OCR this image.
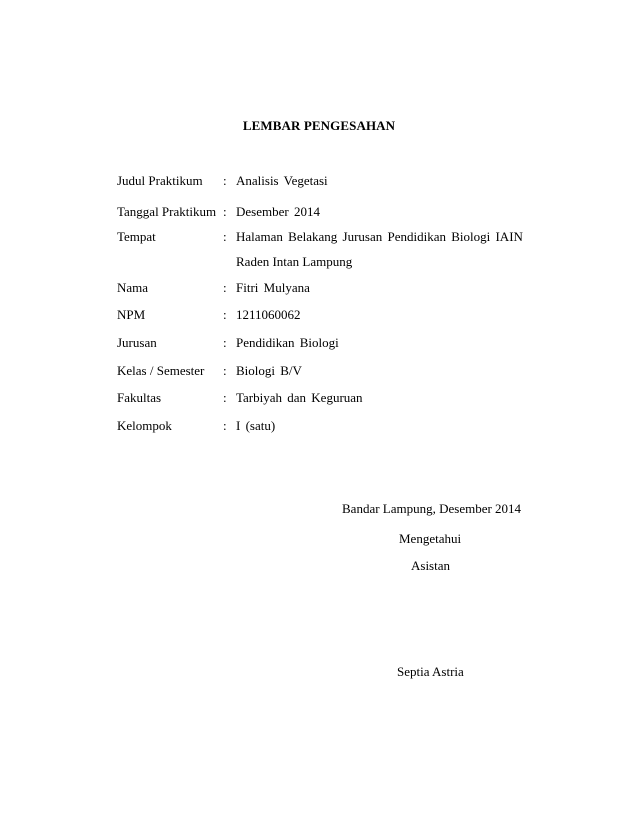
LEMBAR PENGESAHAN
Judul Praktikum : Analisis Vegetasi
Tanggal Praktikum : Desember 2014
Tempat	: Halaman Belakang Jurusan Pendidikan Biologi IAIN
Raden Intan Lampung
Nama	: Fitri Mulyana
NPM	: 1211060062
Jurusan	: Pendidikan Biologi
Kelas / Semester : Biologi B/V
Fakultas	: Tarbiyah dan Keguruan
Kelompok	: I (satu)
Bandar Lampung, Desember 2014
Mengetahui
Asistan
Septia Astria
